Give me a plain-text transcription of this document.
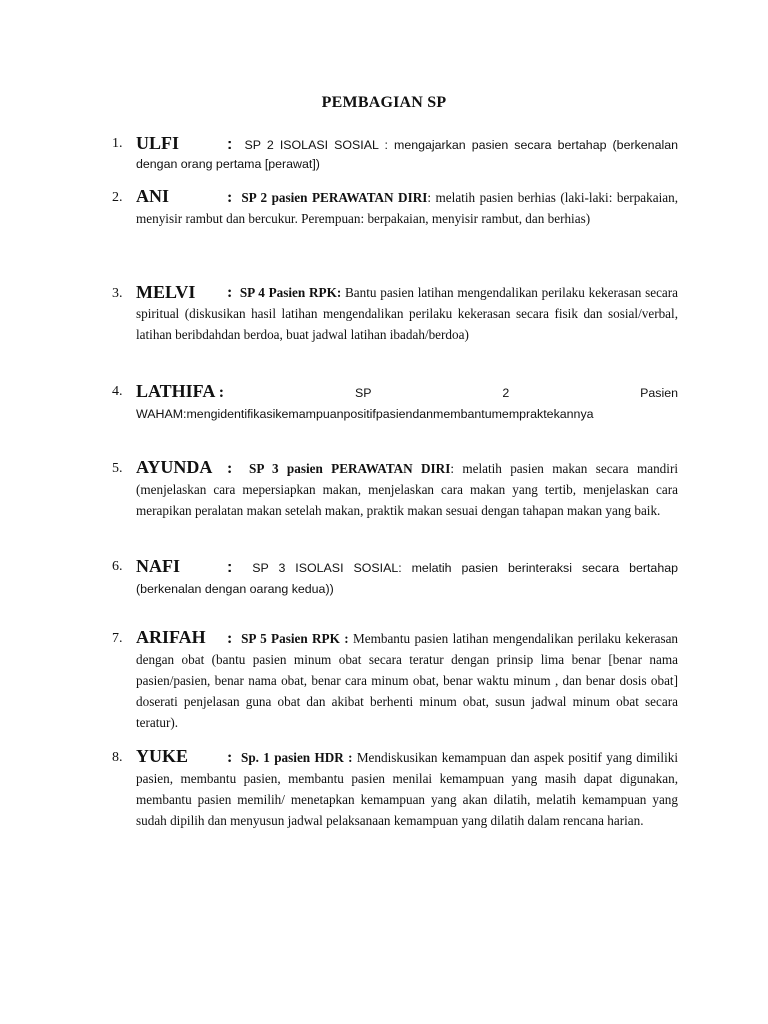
PEMBAGIAN SP
1. ULFI	: SP 2 ISOLASI SOSIAL : mengajarkan pasien secara bertahap (berkenalan dengan orang pertama [perawat])
2. ANI	: SP 2 pasien PERAWATAN DIRI: melatih pasien berhias (laki-laki: berpakaian, menyisir rambut dan bercukur. Perempuan: berpakaian, menyisir rambut, dan berhias)
3. MELVI	: SP 4 Pasien RPK: Bantu pasien latihan mengendalikan perilaku kekerasan secara spiritual (diskusikan hasil latihan mengendalikan perilaku kekerasan secara fisik dan sosial/verbal, latihan beribdahdan berdoa, buat jadwal latihan ibadah/berdoa)
4. LATHIFA :	SP	2	Pasien
WAHAM:mengidentifikasikemampuanpositifpasiendanmembantumempraktekannya
5. AYUNDA : SP 3 pasien PERAWATAN DIRI: melatih pasien makan secara mandiri (menjelaskan cara mepersiapkan makan, menjelaskan cara makan yang tertib, menjelaskan cara merapikan peralatan makan setelah makan, praktik makan sesuai dengan tahapan makan yang baik.
6. NAFI	: SP 3 ISOLASI SOSIAL: melatih pasien berinteraksi secara bertahap (berkenalan dengan oarang kedua))
7. ARIFAH	: SP 5 Pasien RPK : Membantu pasien latihan mengendalikan perilaku kekerasan dengan obat (bantu pasien minum obat secara teratur dengan prinsip lima benar [benar nama pasien/pasien, benar nama obat, benar cara minum obat, benar waktu minum , dan benar dosis obat] doserati penjelasan guna obat dan akibat berhenti minum obat, susun jadwal minum obat secara teratur).
8. YUKE	: Sp. 1 pasien HDR : Mendiskusikan kemampuan dan aspek positif yang dimiliki pasien, membantu pasien, membantu pasien menilai kemampuan yang masih dapat digunakan, membantu pasien memilih/ menetapkan kemampuan yang akan dilatih, melatih kemampuan yang sudah dipilih dan menyusun jadwal pelaksanaan kemampuan yang dilatih dalam rencana harian.
